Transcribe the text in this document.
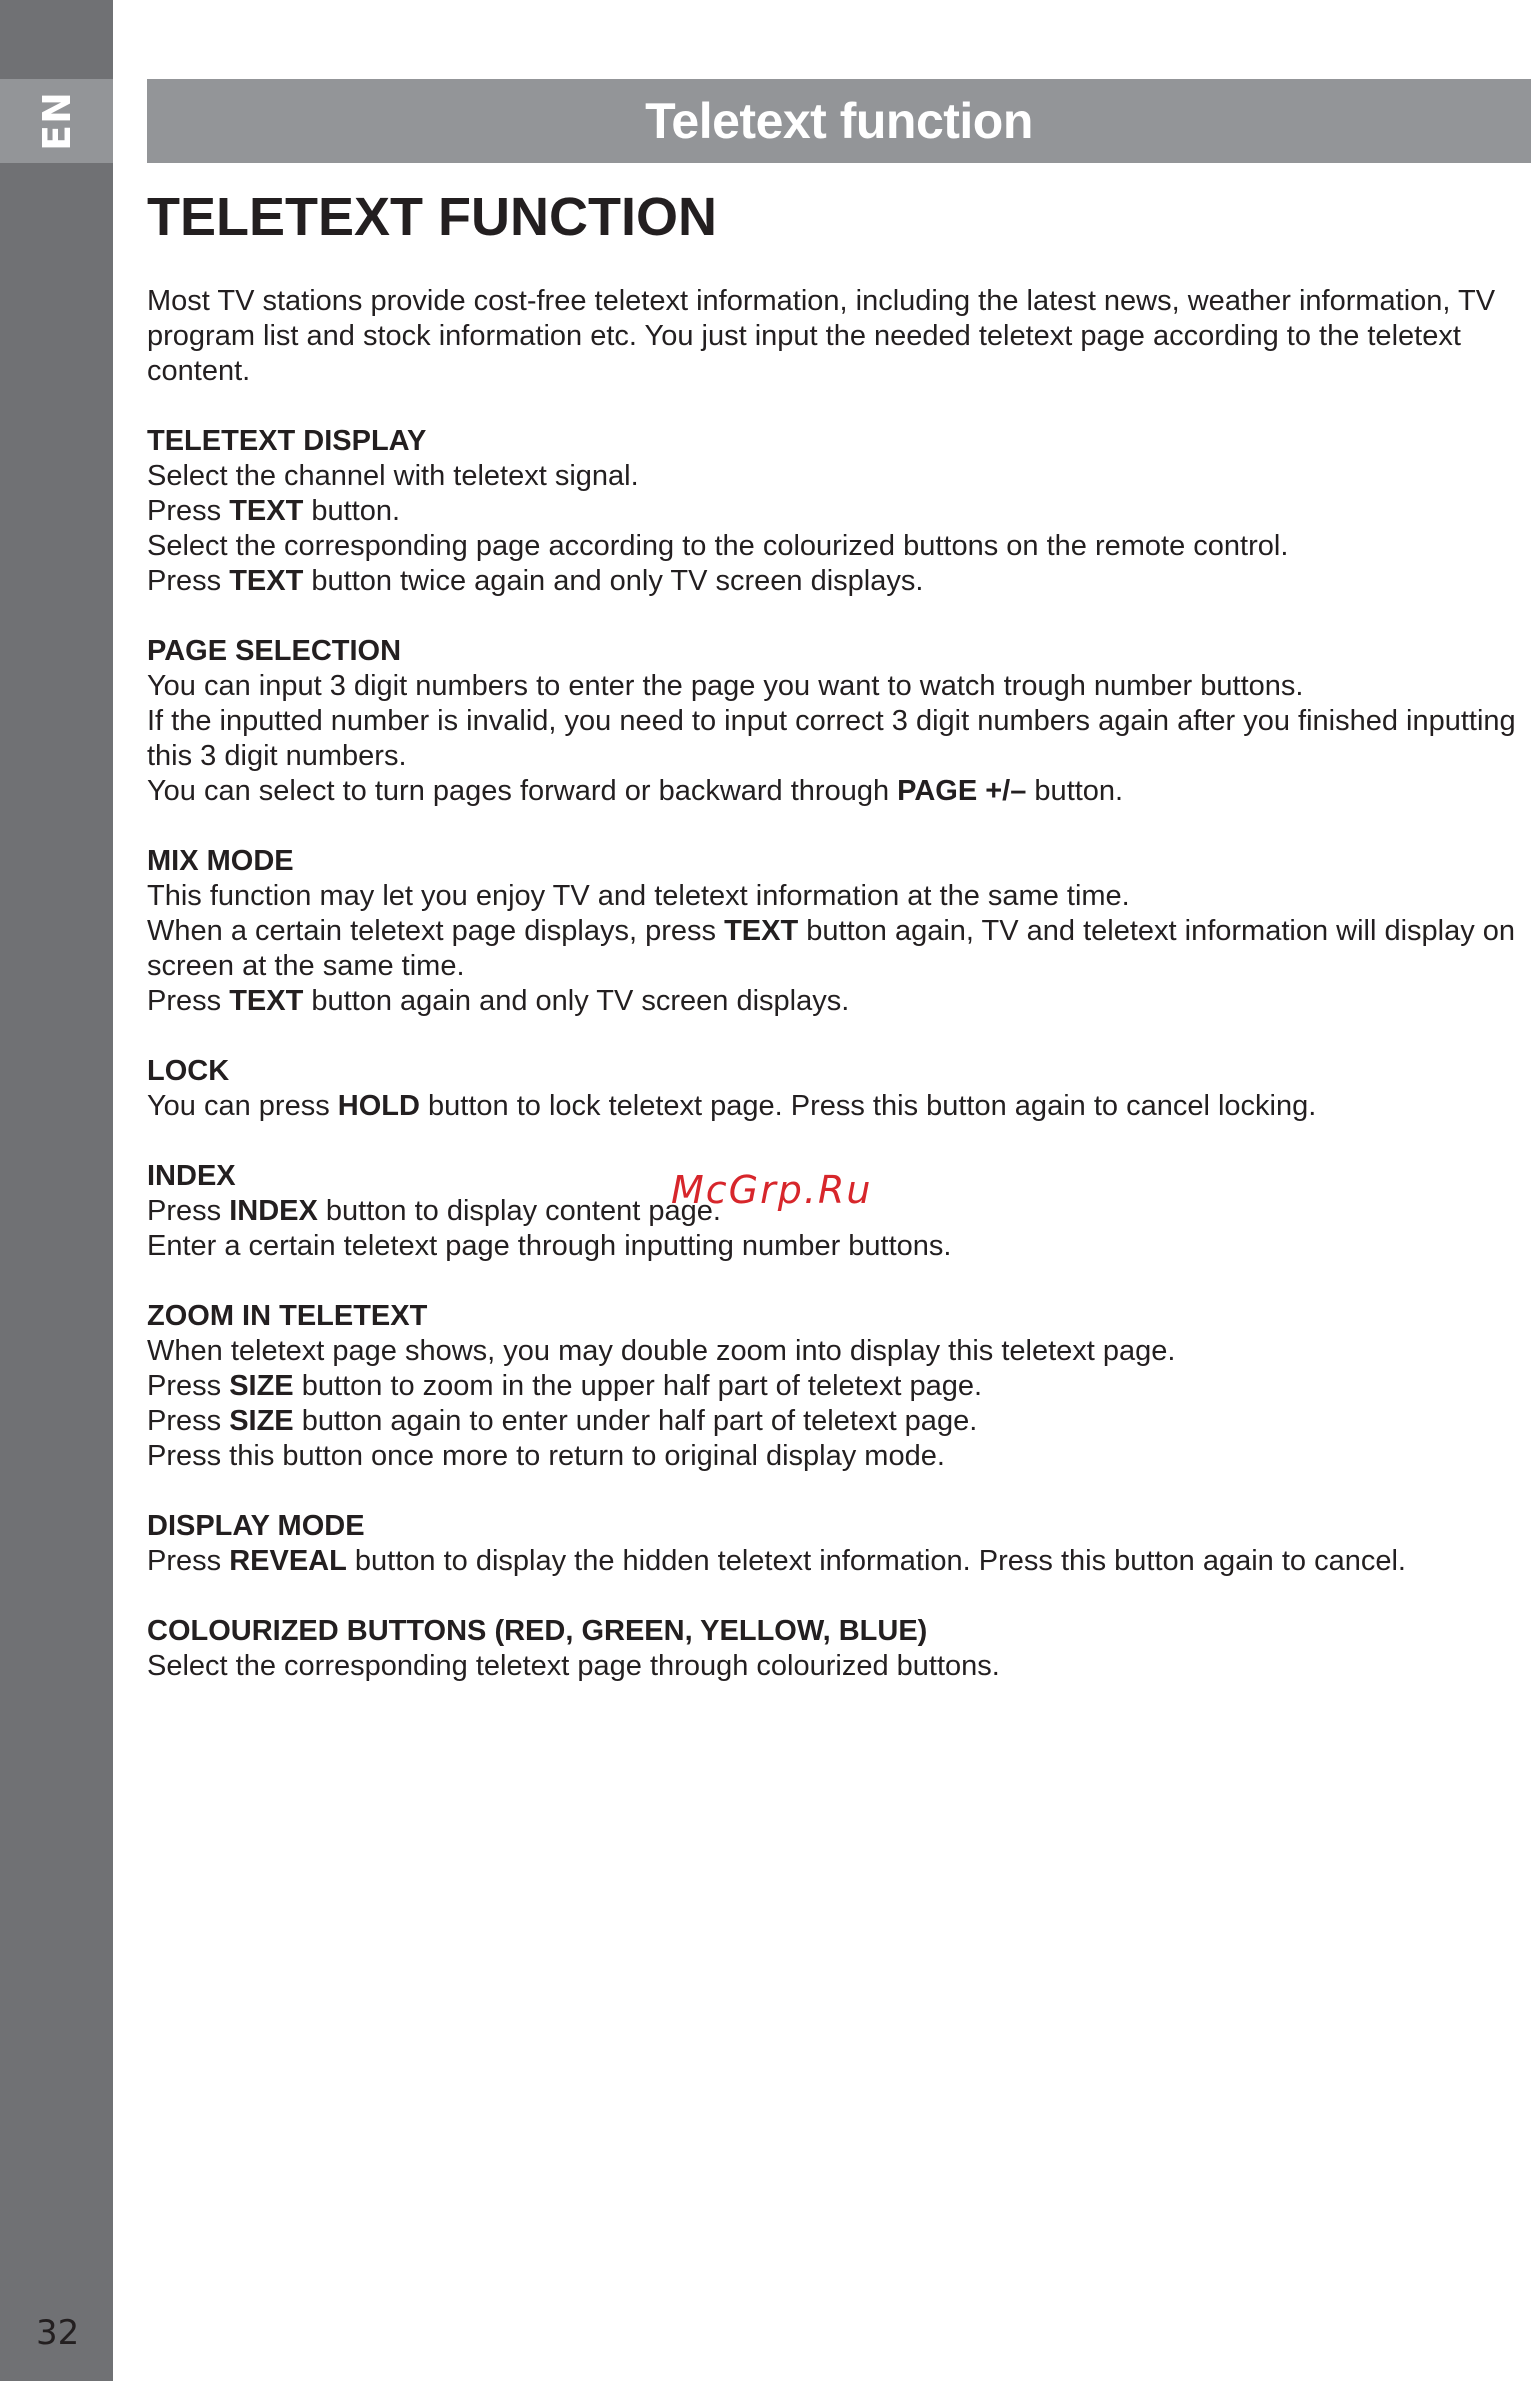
EN
32
Teletext function
TELETEXT FUNCTION

Most TV stations provide cost-free teletext information, including the latest news, weather information, TV program list and stock information etc. You just input the needed teletext page according to the teletext content.

TELETEXT DISPLAY

Select the channel with teletext signal.

Press TEXT button.

Select the corresponding page according to the colourized buttons on the remote control.

Press TEXT button twice again and only TV screen displays.

PAGE SELECTION

You can input 3 digit numbers to enter the page you want to watch trough number buttons.

If the inputted number is invalid, you need to input correct 3 digit numbers again after you finished inputting this 3 digit numbers.

You can select to turn pages forward or backward through PAGE +/– button.

MIX MODE

This function may let you enjoy TV and teletext information at the same time.

When a certain teletext page displays, press TEXT button again, TV and teletext information will display on screen at the same time.

Press TEXT button again and only TV screen displays.

LOCK

You can press HOLD button to lock teletext page. Press this button again to cancel locking.

INDEX

Press INDEX button to display content page.

Enter a certain teletext page through inputting number buttons.

ZOOM IN TELETEXT

When teletext page shows, you may double zoom into display this teletext page.

Press SIZE button to zoom in the upper half part of teletext page.

Press SIZE button again to enter under half part of teletext page.

Press this button once more to return to original display mode.

DISPLAY MODE

Press REVEAL button to display the hidden teletext information. Press this button again to cancel.

COLOURIZED BUTTONS (RED, GREEN, YELLOW, BLUE)

Select the corresponding teletext page through colourized buttons.

McGrp.Ru
